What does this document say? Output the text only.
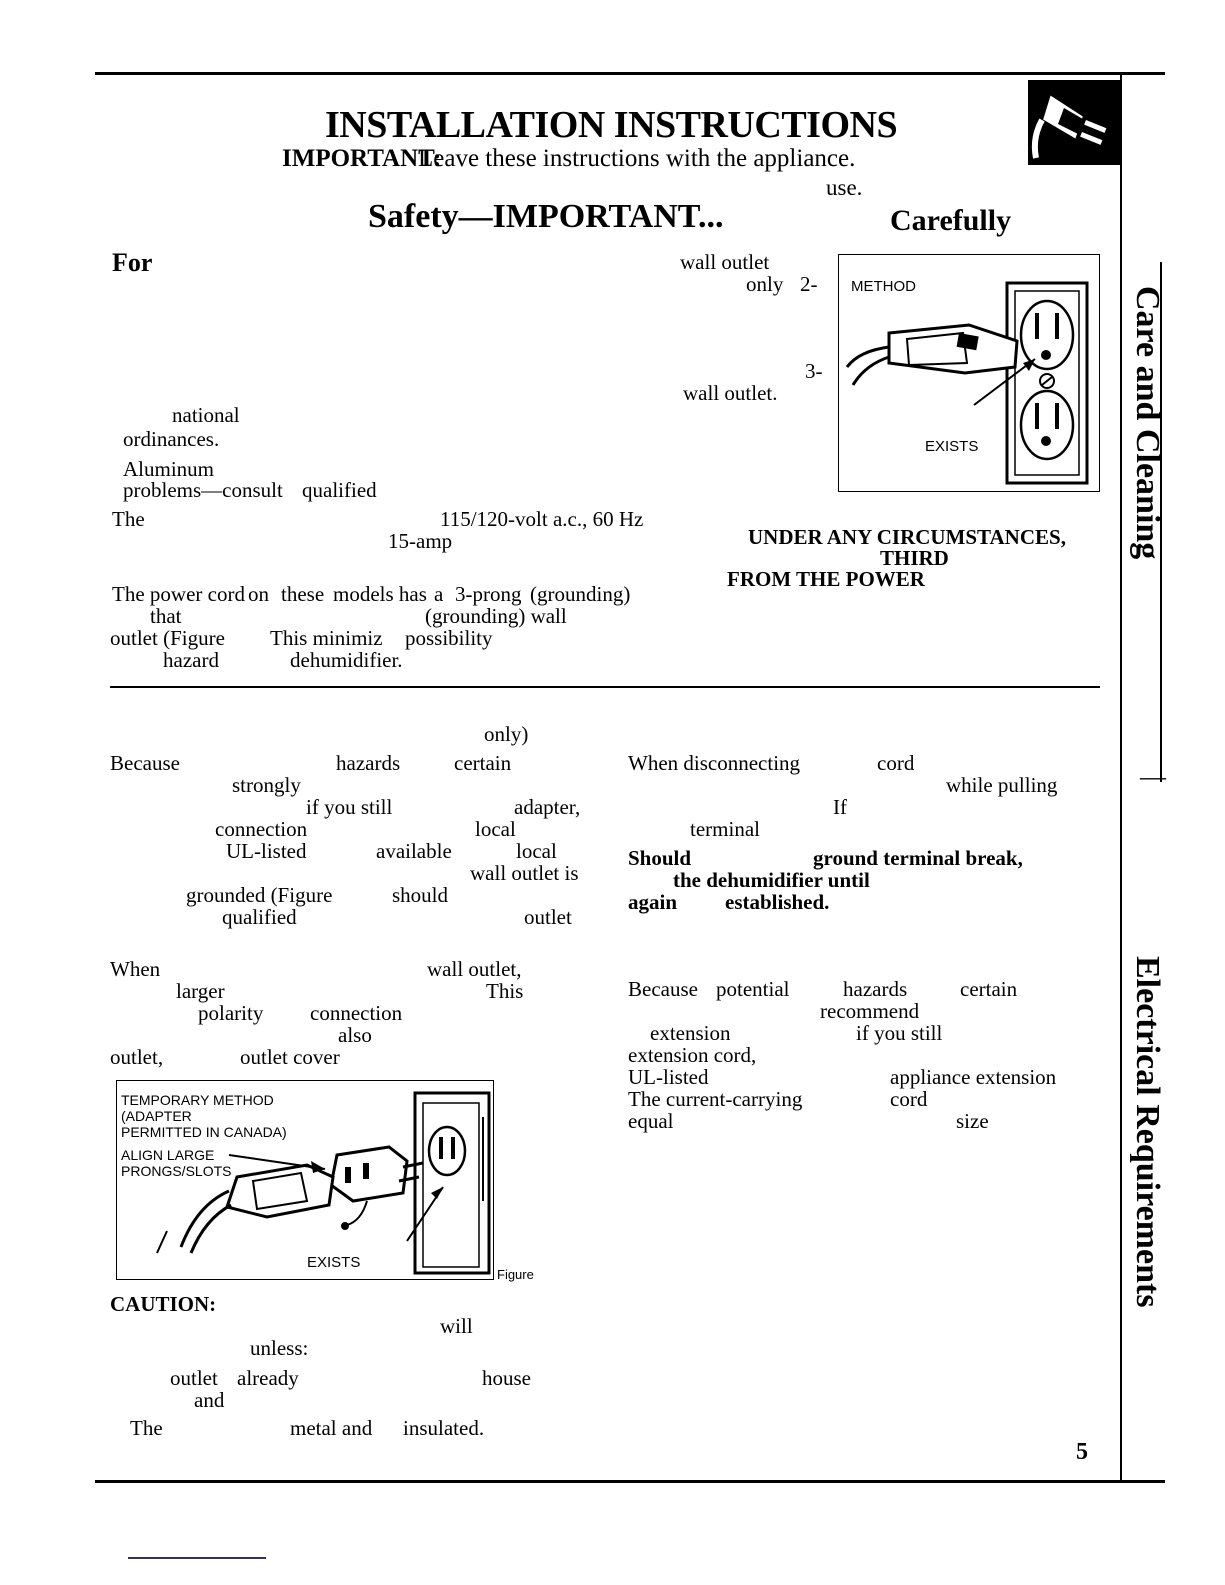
INSTALLATION INSTRUCTIONS
IMPORTANT:
Leave these instructions with the appliance.
use.
Safety—IMPORTANT...	Carefully
For
national
ordinances.
Aluminum
problems—consult qualified
The	115/120-volt a.c., 60 Hz
15-amp
The power cord on these models has a 3-prong (grounding)
that	(grounding) wall
outlet (Figure This minimiz possibility
hazard	dehumidifier.
wall outlet
only 2-
3-
wall outlet.
UNDER ANY CIRCUMSTANCES,
THIRD
FROM THE POWER
METHOD
EXISTS
only)
Because	hazards	certain
strongly
if you still	adapter,
connection	local
UL-listed	available	local
wall outlet is
grounded (Figure	should
qualified	outlet
When	wall outlet,
larger	This
polarity connection
also
outlet,	outlet cover
TEMPORARY METHOD
(ADAPTER
PERMITTED IN CANADA)
ALIGN LARGE
PRONGS/SLOTS
EXISTS
Figure
CAUTION:
will
unless:
outlet already	house
and
The	metal and insulated.
When disconnecting	cord
while pulling
If
terminal
Should	ground terminal break,
the dehumidifier until
again established.
Because potential	hazards	certain
recommend
extension	if you still
extension cord,
UL-listed	appliance extension
The current-carrying	cord
equal	size
Care and Cleaning
—
Electrical Requirements
5
